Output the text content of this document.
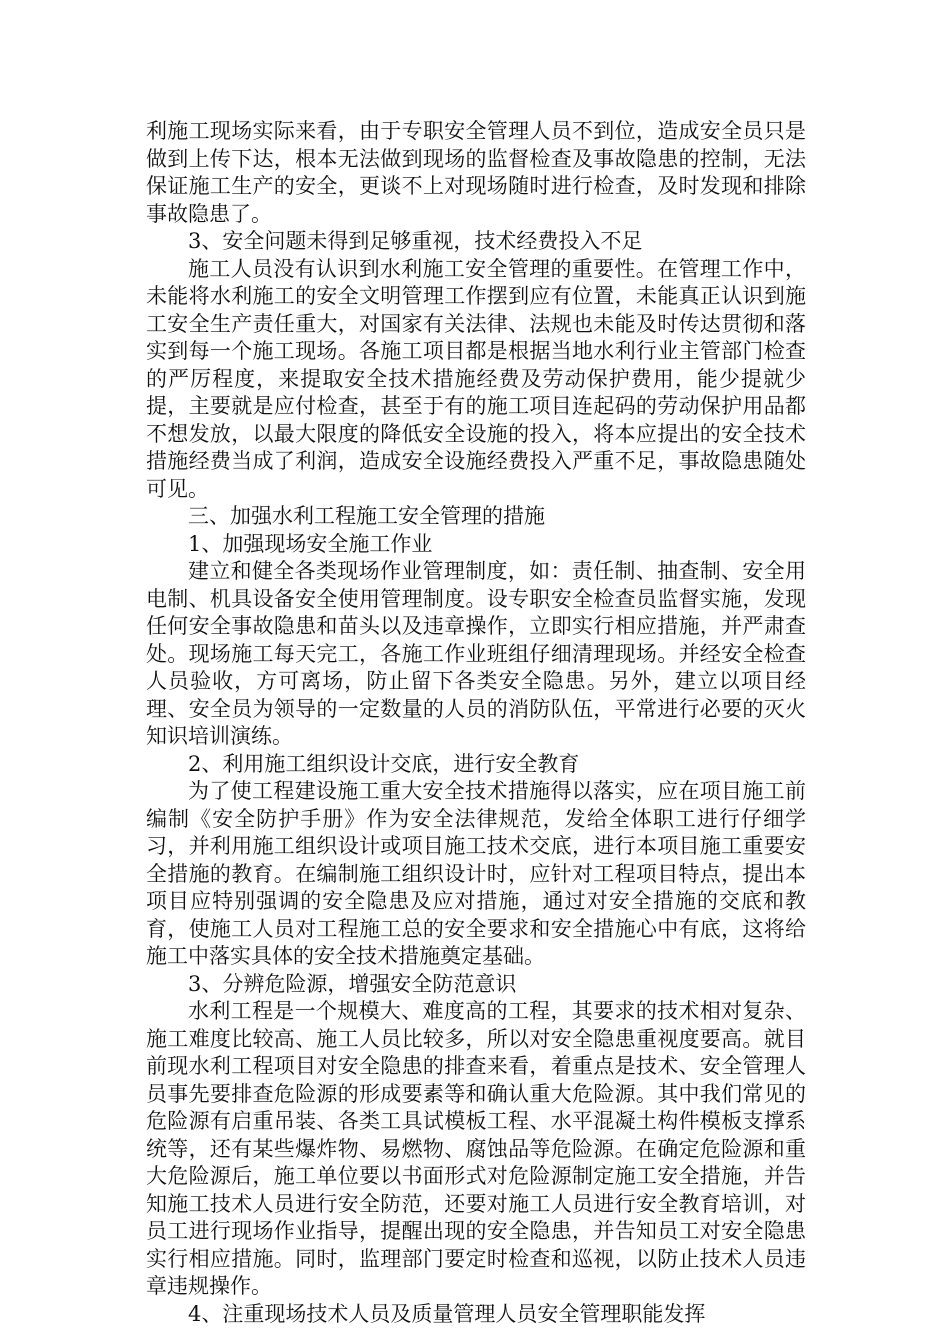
利施工现场实际来看，由于专职安全管理人员不到位，造成安全员只是做到上传下达，根本无法做到现场的监督检查及事故隐患的控制，无法保证施工生产的安全，更谈不上对现场随时进行检查，及时发现和排除事故隐患了。

3、安全问题未得到足够重视，技术经费投入不足

施工人员没有认识到水利施工安全管理的重要性。在管理工作中，未能将水利施工的安全文明管理工作摆到应有位置，未能真正认识到施工安全生产责任重大，对国家有关法律、法规也未能及时传达贯彻和落实到每一个施工现场。各施工项目都是根据当地水利行业主管部门检查的严厉程度，来提取安全技术措施经费及劳动保护费用，能少提就少提，主要就是应付检查，甚至于有的施工项目连起码的劳动保护用品都不想发放，以最大限度的降低安全设施的投入，将本应提出的安全技术措施经费当成了利润，造成安全设施经费投入严重不足，事故隐患随处可见。

三、加强水利工程施工安全管理的措施

1、加强现场安全施工作业

建立和健全各类现场作业管理制度，如：责任制、抽查制、安全用电制、机具设备安全使用管理制度。设专职安全检查员监督实施，发现任何安全事故隐患和苗头以及违章操作，立即实行相应措施，并严肃查处。现场施工每天完工，各施工作业班组仔细清理现场。并经安全检查人员验收，方可离场，防止留下各类安全隐患。另外，建立以项目经理、安全员为领导的一定数量的人员的消防队伍，平常进行必要的灭火知识培训演练。

2、利用施工组织设计交底，进行安全教育

为了使工程建设施工重大安全技术措施得以落实，应在项目施工前编制《安全防护手册》作为安全法律规范，发给全体职工进行仔细学习，并利用施工组织设计或项目施工技术交底，进行本项目施工重要安全措施的教育。在编制施工组织设计时，应针对工程项目特点，提出本项目应特别强调的安全隐患及应对措施，通过对安全措施的交底和教育，使施工人员对工程施工总的安全要求和安全措施心中有底，这将给施工中落实具体的安全技术措施奠定基础。

3、分辨危险源，增强安全防范意识

水利工程是一个规模大、难度高的工程，其要求的技术相对复杂、施工难度比较高、施工人员比较多，所以对安全隐患重视度要高。就目前现水利工程项目对安全隐患的排查来看，着重点是技术、安全管理人员事先要排查危险源的形成要素等和确认重大危险源。其中我们常见的危险源有启重吊装、各类工具试模板工程、水平混凝土构件模板支撑系统等，还有某些爆炸物、易燃物、腐蚀品等危险源。在确定危险源和重大危险源后，施工单位要以书面形式对危险源制定施工安全措施，并告知施工技术人员进行安全防范，还要对施工人员进行安全教育培训，对员工进行现场作业指导，提醒出现的安全隐患，并告知员工对安全隐患实行相应措施。同时，监理部门要定时检查和巡视，以防止技术人员违章违规操作。

4、注重现场技术人员及质量管理人员安全管理职能发挥
